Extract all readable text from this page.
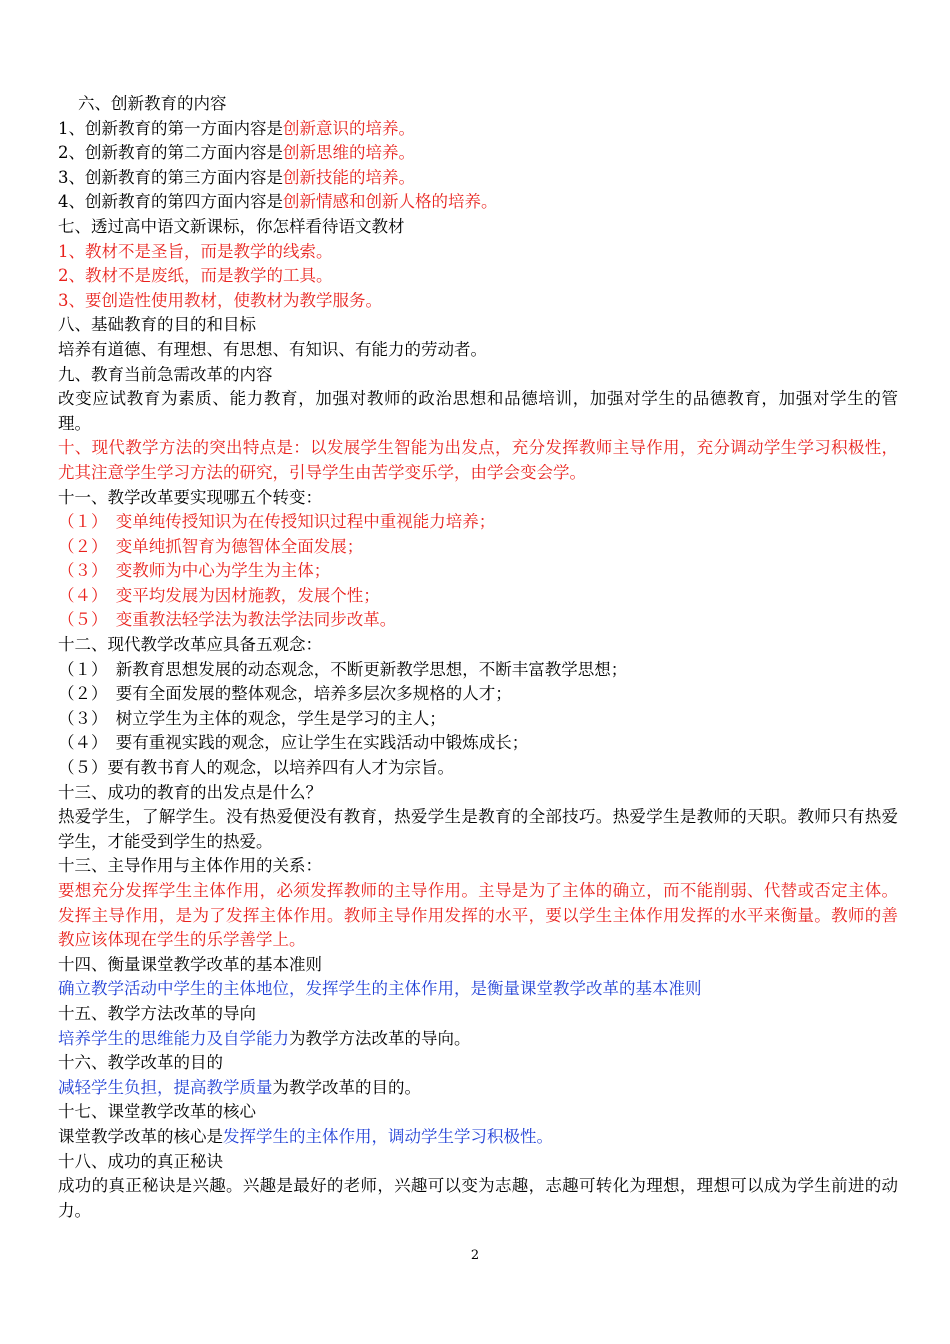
六、创新教育的内容
1、创新教育的第一方面内容是创新意识的培养。
2、创新教育的第二方面内容是创新思维的培养。
3、创新教育的第三方面内容是创新技能的培养。
4、创新教育的第四方面内容是创新情感和创新人格的培养。
七、透过高中语文新课标，你怎样看待语文教材
1、教材不是圣旨，而是教学的线索。
2、教材不是废纸，而是教学的工具。
3、要创造性使用教材，使教材为教学服务。
八、基础教育的目的和目标
培养有道德、有理想、有思想、有知识、有能力的劳动者。
九、教育当前急需改革的内容
改变应试教育为素质、能力教育，加强对教师的政治思想和品德培训，加强对学生的品德教育，加强对学生的管理。
十、现代教学方法的突出特点是：以发展学生智能为出发点，充分发挥教师主导作用，充分调动学生学习积极性，尤其注意学生学习方法的研究，引导学生由苦学变乐学，由学会变会学。
十一、教学改革要实现哪五个转变：
（１）　变单纯传授知识为在传授知识过程中重视能力培养；
（２）　变单纯抓智育为德智体全面发展；
（３）　变教师为中心为学生为主体；
（４）　变平均发展为因材施教，发展个性；
（５）　变重教法轻学法为教法学法同步改革。
十二、现代教学改革应具备五观念：
（１）　新教育思想发展的动态观念，不断更新教学思想，不断丰富教学思想；
（２）　要有全面发展的整体观念，培养多层次多规格的人才；
（３）　树立学生为主体的观念，学生是学习的主人；
（４）　要有重视实践的观念，应让学生在实践活动中锻炼成长；
（５）要有教书育人的观念，以培养四有人才为宗旨。
十三、成功的教育的出发点是什么？
热爱学生，了解学生。没有热爱便没有教育，热爱学生是教育的全部技巧。热爱学生是教师的天职。教师只有热爱学生，才能受到学生的热爱。
十三、主导作用与主体作用的关系：
要想充分发挥学生主体作用，必须发挥教师的主导作用。主导是为了主体的确立，而不能削弱、代替或否定主体。发挥主导作用，是为了发挥主体作用。教师主导作用发挥的水平，要以学生主体作用发挥的水平来衡量。教师的善教应该体现在学生的乐学善学上。
十四、衡量课堂教学改革的基本准则
确立教学活动中学生的主体地位，发挥学生的主体作用，是衡量课堂教学改革的基本准则
十五、教学方法改革的导向
培养学生的思维能力及自学能力为教学方法改革的导向。
十六、教学改革的目的
减轻学生负担，提高教学质量为教学改革的目的。
十七、课堂教学改革的核心
课堂教学改革的核心是发挥学生的主体作用，调动学生学习积极性。
十八、成功的真正秘诀
成功的真正秘诀是兴趣。兴趣是最好的老师，兴趣可以变为志趣，志趣可转化为理想，理想可以成为学生前进的动力。
2
